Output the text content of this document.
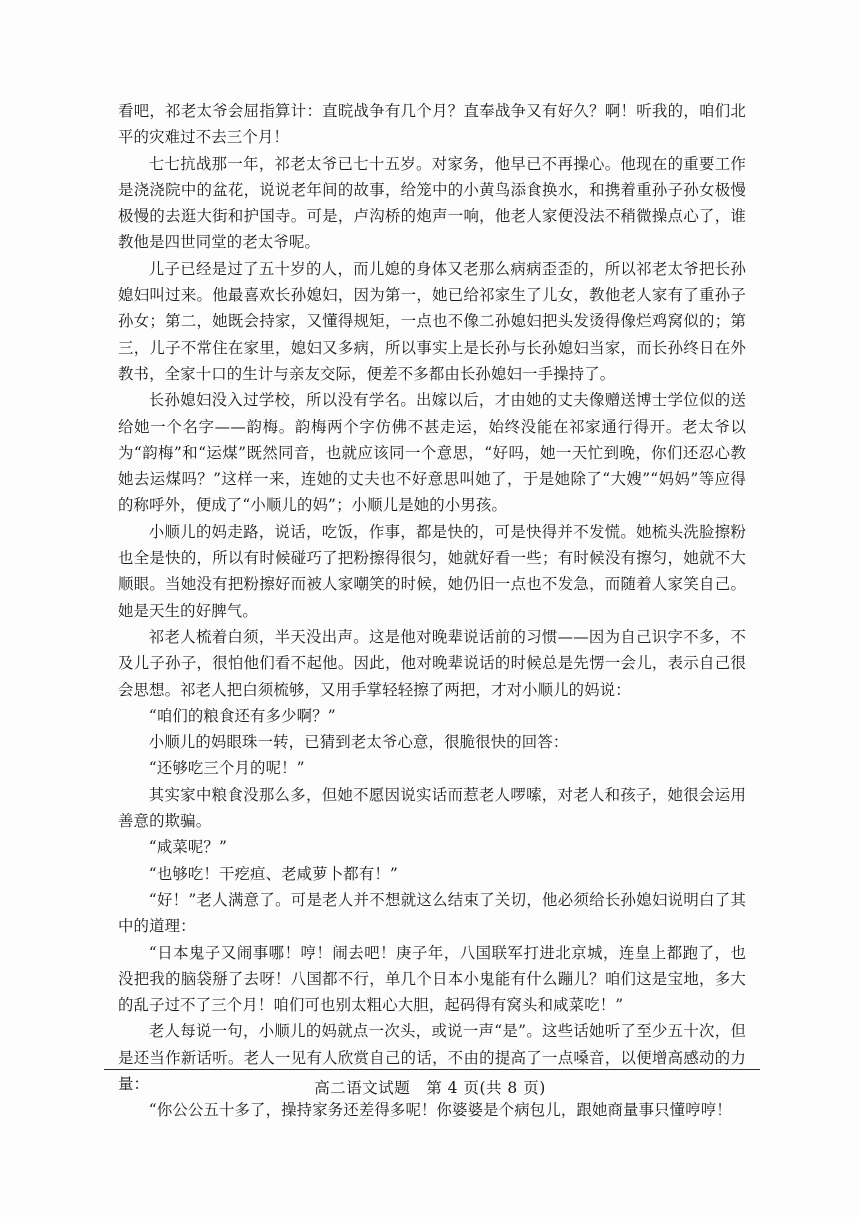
看吧，祁老太爷会屈指算计：直晥战争有几个月？直奉战争又有好久？啊！听我的，咱们北平的灾难过不去三个月！

七七抗战那一年，祁老太爷已七十五岁。对家务，他早已不再操心。他现在的重要工作是浇浇院中的盆花，说说老年间的故事，给笼中的小黄鸟添食换水，和携着重孙子孙女极慢极慢的去逛大街和护国寺。可是，卢沟桥的炮声一响，他老人家便没法不稍微操点心了，谁教他是四世同堂的老太爷呢。

儿子已经是过了五十岁的人，而儿媳的身体又老那么病病歪歪的，所以祁老太爷把长孙媳妇叫过来。他最喜欢长孙媳妇，因为第一，她已给祁家生了儿女，教他老人家有了重孙子孙女；第二，她既会持家，又懂得规矩，一点也不像二孙媳妇把头发烫得像烂鸡窝似的；第三，儿子不常住在家里，媳妇又多病，所以事实上是长孙与长孙媳妇当家，而长孙终日在外教书，全家十口的生计与亲友交际，便差不多都由长孙媳妇一手操持了。

长孙媳妇没入过学校，所以没有学名。出嫁以后，才由她的丈夫像赠送博士学位似的送给她一个名字——韵梅。韵梅两个字仿佛不甚走运，始终没能在祁家通行得开。老太爷以为“韵梅”和“运煤”既然同音，也就应该同一个意思，“好吗，她一天忙到晚，你们还忍心教她去运煤吗？”这样一来，连她的丈夫也不好意思叫她了，于是她除了“大嫂”“妈妈”等应得的称呼外，便成了“小顺儿的妈”；小顺儿是她的小男孩。

小顺儿的妈走路，说话，吃饭，作事，都是快的，可是快得并不发慌。她梳头洗脸擦粉也全是快的，所以有时候碰巧了把粉擦得很匀，她就好看一些；有时候没有擦匀，她就不大顺眼。当她没有把粉擦好而被人家嘲笑的时候，她仍旧一点也不发急，而随着人家笑自己。她是天生的好脾气。

祁老人梳着白须，半天没出声。这是他对晚辈说话前的习惯——因为自己识字不多，不及儿子孙子，很怕他们看不起他。因此，他对晚辈说话的时候总是先愣一会儿，表示自己很会思想。祁老人把白须梳够，又用手掌轻轻擦了两把，才对小顺儿的妈说：

“咱们的粮食还有多少啊？”

小顺儿的妈眼珠一转，已猜到老太爷心意，很脆很快的回答：

“还够吃三个月的呢！”

其实家中粮食没那么多，但她不愿因说实话而惹老人啰嗦，对老人和孩子，她很会运用善意的欺骗。

“咸菜呢？”

“也够吃！干疙疸、老咸萝卜都有！”

“好！”老人满意了。可是老人并不想就这么结束了关切，他必须给长孙媳妇说明白了其中的道理：

“日本鬼子又闹事哪！哼！闹去吧！庚子年，八国联军打进北京城，连皇上都跑了，也没把我的脑袋掰了去呀！八国都不行，单几个日本小鬼能有什么蹦儿？咱们这是宝地，多大的乱子过不了三个月！咱们可也别太粗心大胆，起码得有窝头和咸菜吃！”

老人每说一句，小顺儿的妈就点一次头，或说一声“是”。这些话她听了至少五十次，但是还当作新话听。老人一见有人欣赏自己的话，不由的提高了一点嗓音，以便增高感动的力量：

“你公公五十多了，操持家务还差得多呢！你婆婆是个病包儿，跟她商量事只懂哼哼！

高二语文试题　第 4 页(共 8 页)
